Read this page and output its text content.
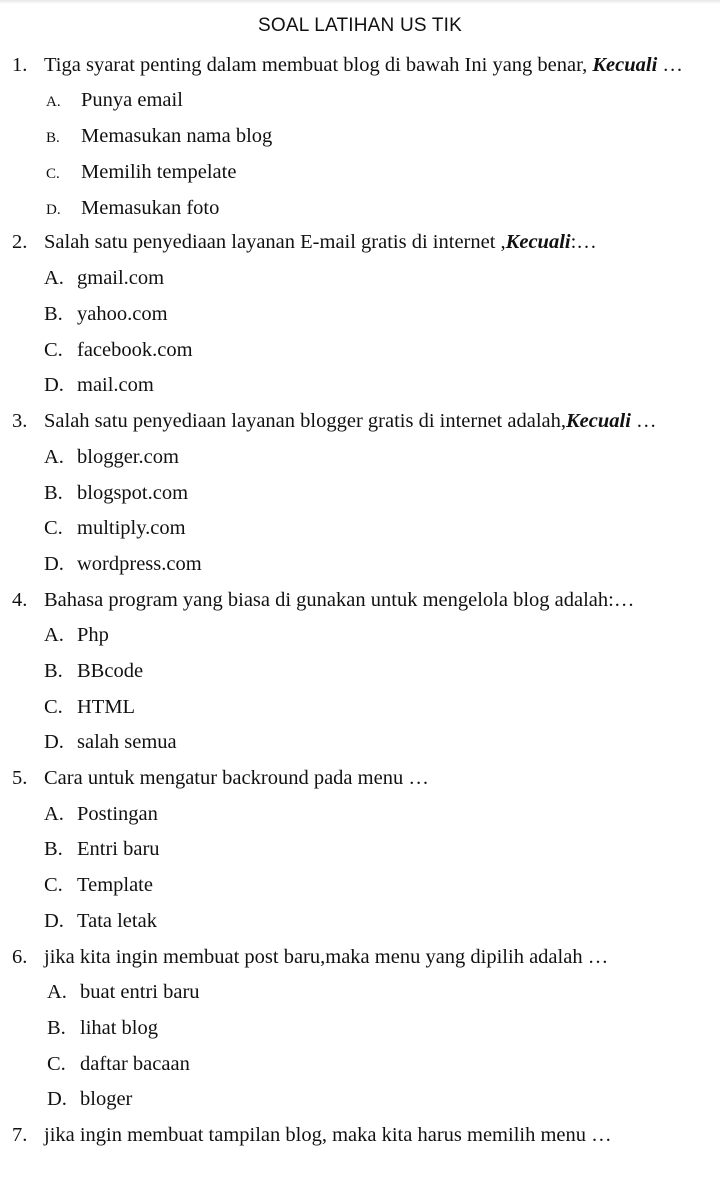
SOAL LATIHAN US TIK
1. Tiga syarat penting dalam membuat blog di bawah Ini yang benar, Kecuali …
A. Punya email
B. Memasukan nama blog
C. Memilih tempelate
D. Memasukan foto
2. Salah satu penyediaan layanan E-mail gratis di internet ,Kecuali:…
A. gmail.com
B. yahoo.com
C. facebook.com
D. mail.com
3. Salah satu penyediaan layanan blogger gratis di internet adalah,Kecuali …
A. blogger.com
B. blogspot.com
C. multiply.com
D. wordpress.com
4. Bahasa program yang biasa di gunakan untuk mengelola blog adalah:…
A. Php
B. BBcode
C. HTML
D. salah semua
5. Cara untuk mengatur backround pada menu …
A. Postingan
B. Entri baru
C. Template
D. Tata letak
6. jika kita ingin membuat post baru,maka menu yang dipilih adalah …
A. buat entri baru
B. lihat blog
C. daftar bacaan
D. bloger
7. jika ingin membuat tampilan blog, maka kita harus memilih menu …
